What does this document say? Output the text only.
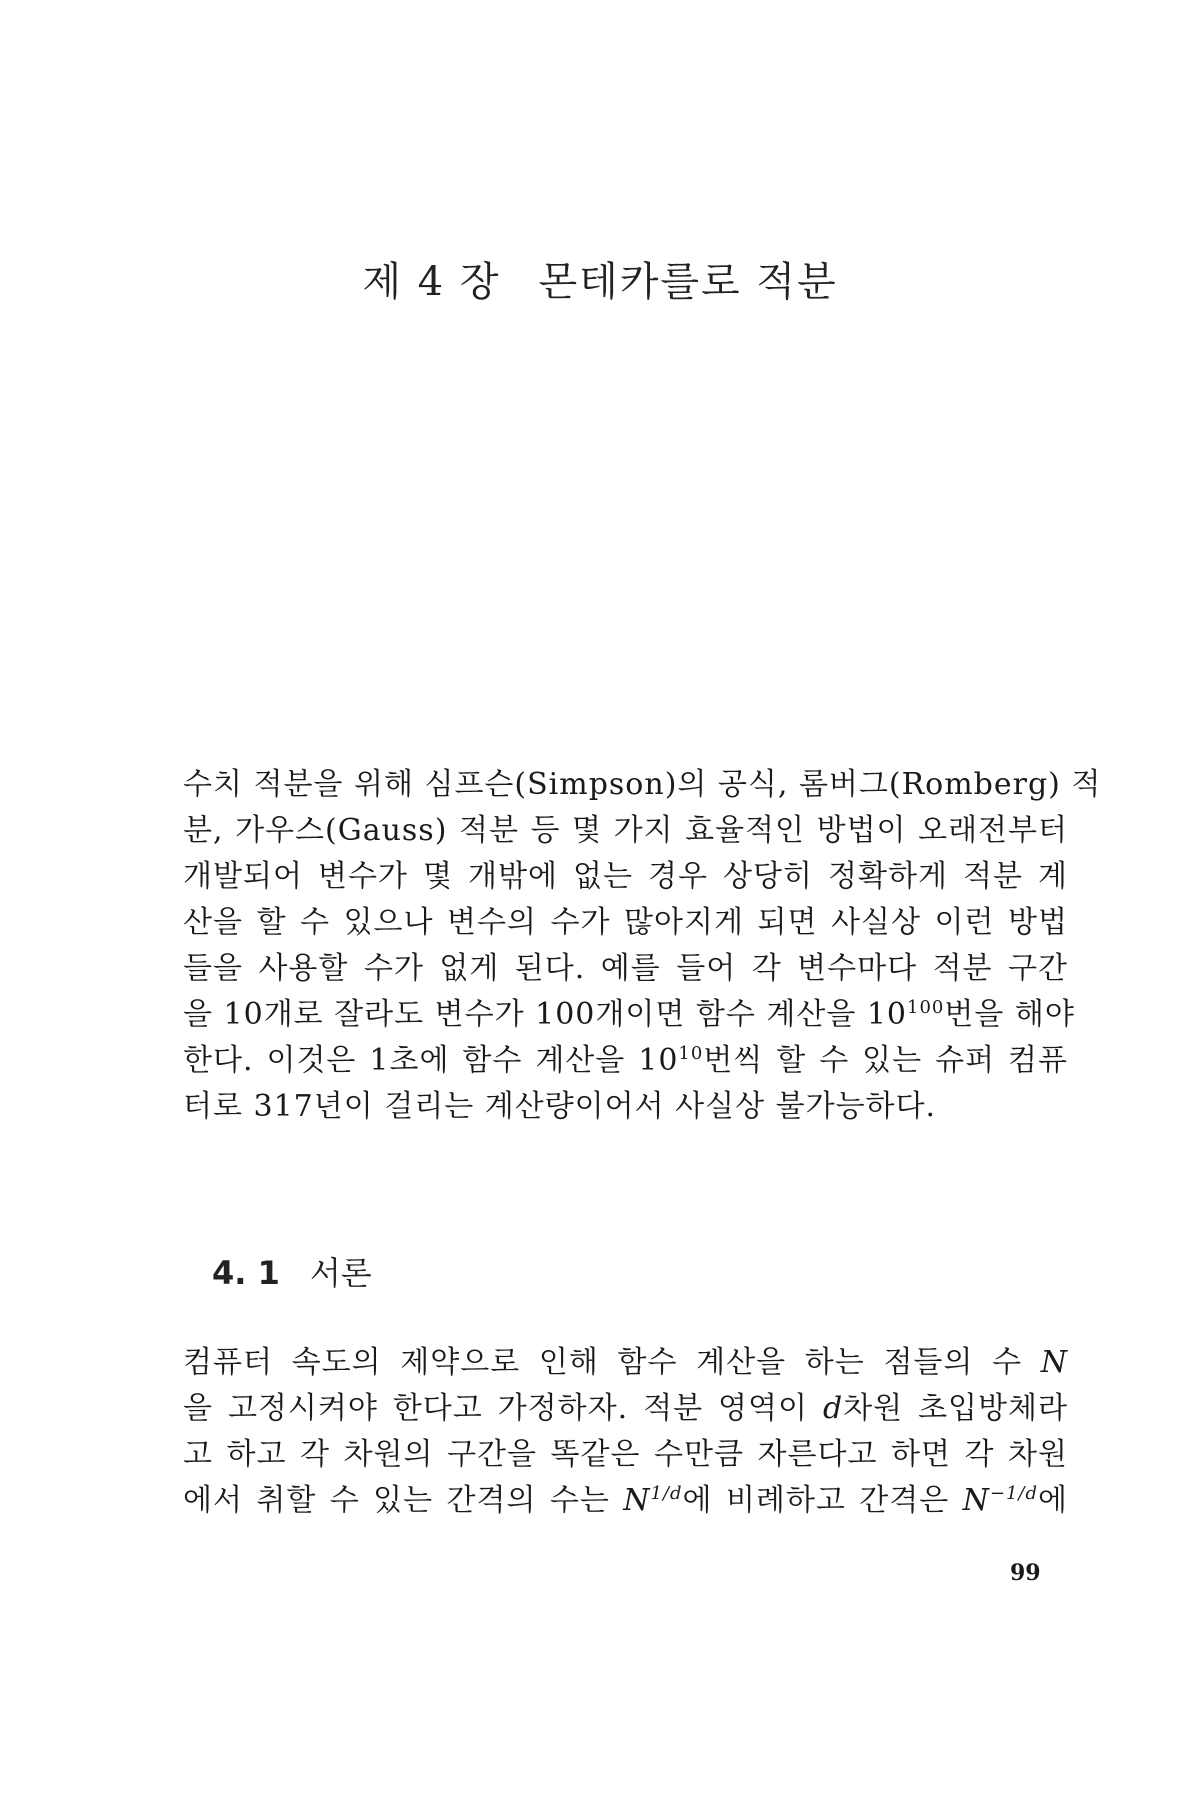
제 4 장 몬테카를로 적분
수치 적분을 위해 심프슨(Simpson)의 공식, 롬버그(Romberg) 적
분, 가우스(Gauss) 적분 등 몇 가지 효율적인 방법이 오래전부터
개발되어 변수가 몇 개밖에 없는 경우 상당히 정확하게 적분 계
산을 할 수 있으나 변수의 수가 많아지게 되면 사실상 이런 방법
들을 사용할 수가 없게 된다. 예를 들어 각 변수마다 적분 구간
을 10개로 잘라도 변수가 100개이면 함수 계산을 $10^{100}$번을 해야
한다. 이것은 1초에 함수 계산을 $10^{10}$번씩 할 수 있는 슈퍼 컴퓨
터로 317년이 걸리는 계산량이어서 사실상 불가능하다.
4. 1 서론
컴퓨터 속도의 제약으로 인해 함수 계산을 하는 점들의 수 N
을 고정시켜야 한다고 가정하자. 적분 영역이 d차원 초입방체라
고 하고 각 차원의 구간을 똑같은 수만큼 자른다고 하면 각 차원
에서 취할 수 있는 간격의 수는 $N^{1/d}$에 비례하고 간격은 $N^{-1/d}$에
99
